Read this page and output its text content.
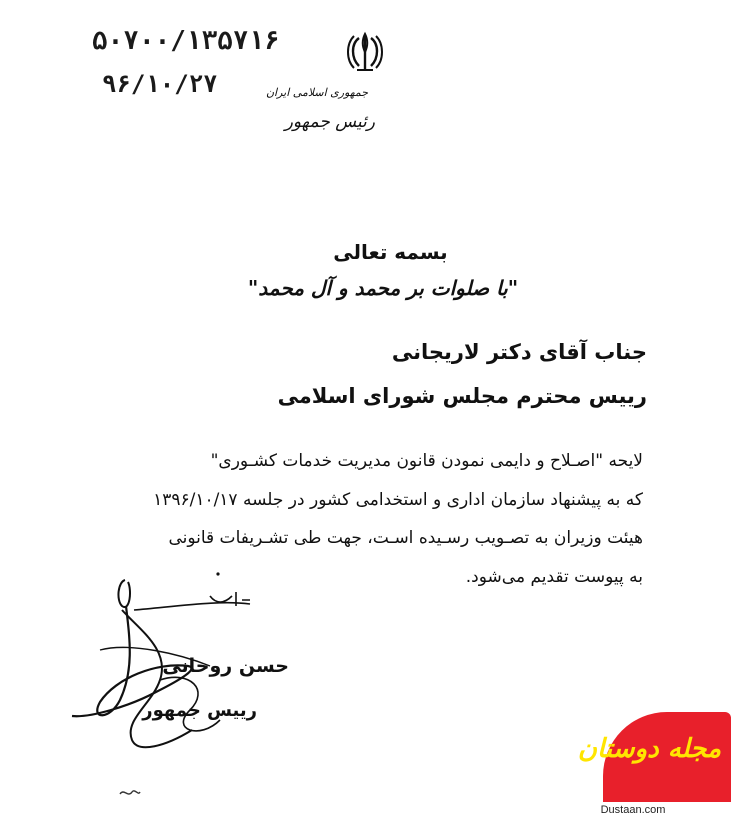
۵۰۷۰۰/۱۳۵۷۱۶
۹۶/۱۰/۲۷	جمهوری اسلامی ایران
رئیس جمهور
بسمه تعالی
"با صلوات بر محمد و آل محمد"
جناب آقای دکتر لاریجانی
رییس محترم مجلس شورای اسلامی
لایحه "اصـلاح و دایمی نمودن قانون مدیریت خدمات کشـوری"
که به پیشنهاد سازمان اداری و استخدامی کشور در جلسه ۱۳۹۶/۱۰/۱۷
هیئت وزیران به تصـویب رسـیده اسـت، جهت طی تشـریفات قانونی
به پیوست تقدیم می‌شود.
حسن روحانی
رییس جمهور
مجله دوستان
Dustaan.com
